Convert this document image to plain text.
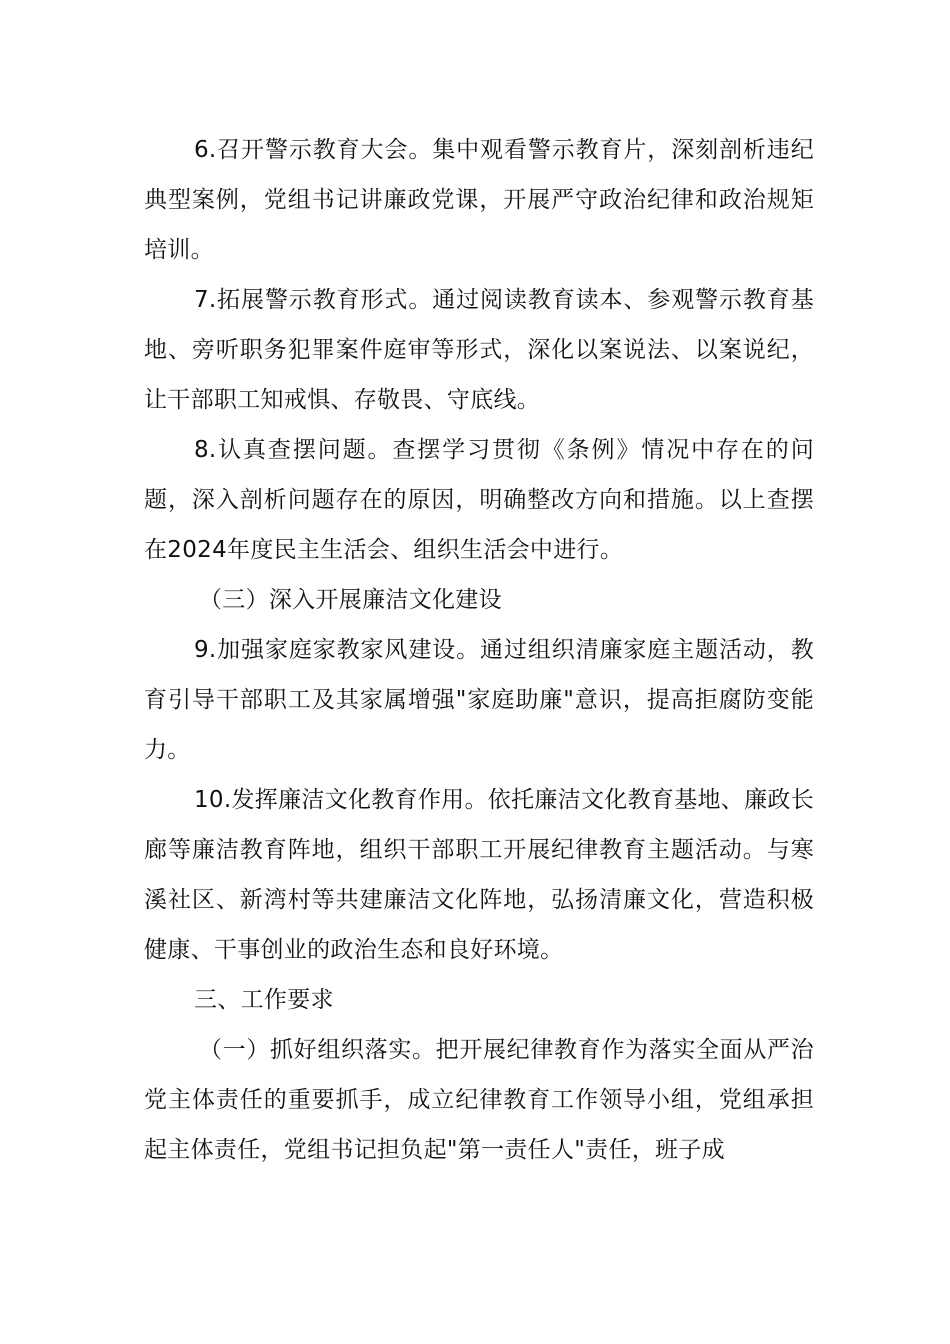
6.召开警示教育大会。集中观看警示教育片，深刻剖析违纪典型案例，党组书记讲廉政党课，开展严守政治纪律和政治规矩培训。

7.拓展警示教育形式。通过阅读教育读本、参观警示教育基地、旁听职务犯罪案件庭审等形式，深化以案说法、以案说纪，让干部职工知戒惧、存敬畏、守底线。

8.认真查摆问题。查摆学习贯彻《条例》情况中存在的问题，深入剖析问题存在的原因，明确整改方向和措施。以上查摆在2024年度民主生活会、组织生活会中进行。

（三）深入开展廉洁文化建设

9.加强家庭家教家风建设。通过组织清廉家庭主题活动，教育引导干部职工及其家属增强"家庭助廉"意识，提高拒腐防变能力。

10.发挥廉洁文化教育作用。依托廉洁文化教育基地、廉政长廊等廉洁教育阵地，组织干部职工开展纪律教育主题活动。与寒溪社区、新湾村等共建廉洁文化阵地，弘扬清廉文化，营造积极健康、干事创业的政治生态和良好环境。

三、工作要求

（一）抓好组织落实。把开展纪律教育作为落实全面从严治党主体责任的重要抓手，成立纪律教育工作领导小组，党组承担起主体责任，党组书记担负起"第一责任人"责任，班子成
